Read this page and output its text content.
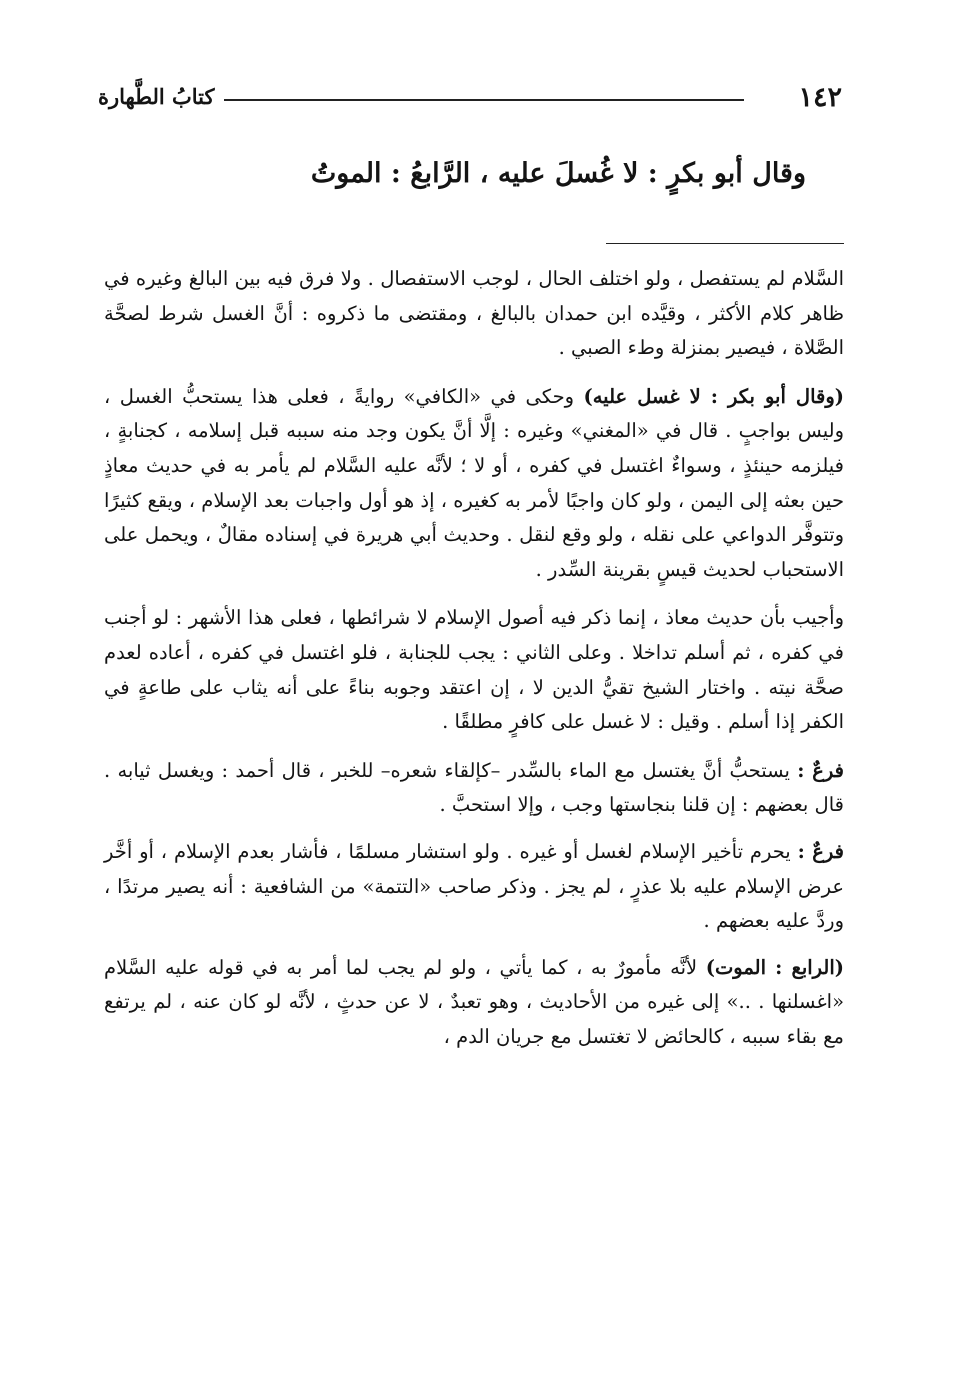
١٤٢
كتابُ الطَّهارة
وقال أبو بكرٍ : لا غُسلَ عليه ، الرَّابعُ : الموتُ

السَّلام لم يستفصل ، ولو اختلف الحال ، لوجب الاستفصال . ولا فرق فيه بين البالغ وغيره في ظاهر كلام الأكثر ، وقيَّده ابن حمدان بالبالغ ، ومقتضى ما ذكروه : أنَّ الغسل شرط لصحَّة الصَّلاة ، فيصير بمنزلة وطء الصبي .

(وقال أبو بكر : لا غسل عليه) وحكى في «الكافي» روايةً ، فعلى هذا يستحبُّ الغسل ، وليس بواجبٍ . قال في «المغني» وغيره : إلَّا أنَّ يكون وجد منه سببه قبل إسلامه ، كجنابةٍ ، فيلزمه حينئذٍ ، وسواءٌ اغتسل في كفره ، أو لا ؛ لأنَّه عليه السَّلام لم يأمر به في حديث معاذٍ حين بعثه إلى اليمن ، ولو كان واجبًا لأمر به كغيره ، إذ هو أول واجبات بعد الإسلام ، ويقع كثيرًا وتتوفَّر الدواعي على نقله ، ولو وقع لنقل . وحديث أبي هريرة في إسناده مقالٌ ، ويحمل على الاستحباب لحديث قيسٍ بقرينة السِّدر .

وأجيب بأن حديث معاذ ، إنما ذكر فيه أصول الإسلام لا شرائطها ، فعلى هذا الأشهر : لو أجنب في كفره ، ثم أسلم تداخلا . وعلى الثاني : يجب للجنابة ، فلو اغتسل في كفره ، أعاده لعدم صحَّة نيته . واختار الشيخ تقيُّ الدين لا ، إن اعتقد وجوبه بناءً على أنه يثاب على طاعةٍ في الكفر إذا أسلم . وقيل : لا غسل على كافرٍ مطلقًا .

فرعٌ : يستحبُّ أنَّ يغتسل مع الماء بالسِّدر –كإلقاء شعره– للخبر ، قال أحمد : ويغسل ثيابه . قال بعضهم : إن قلنا بنجاستها وجب ، وإلا استحبَّ .

فرعٌ : يحرم تأخير الإسلام لغسل أو غيره . ولو استشار مسلمًا ، فأشار بعدم الإسلام ، أو أخَّر عرض الإسلام عليه بلا عذرٍ ، لم يجز . وذكر صاحب «التتمة» من الشافعية : أنه يصير مرتدًا ، وردَّ عليه بعضهم .

(الرابع : الموت) لأنَّه مأمورٌ به ، كما يأتي ، ولو لم يجب لما أمر به في قوله عليه السَّلام «اغسلنها . ..» إلى غيره من الأحاديث ، وهو تعبدٌ ، لا عن حدثٍ ، لأنَّه لو كان عنه ، لم يرتفع مع بقاء سببه ، كالحائض لا تغتسل مع جريان الدم ،
